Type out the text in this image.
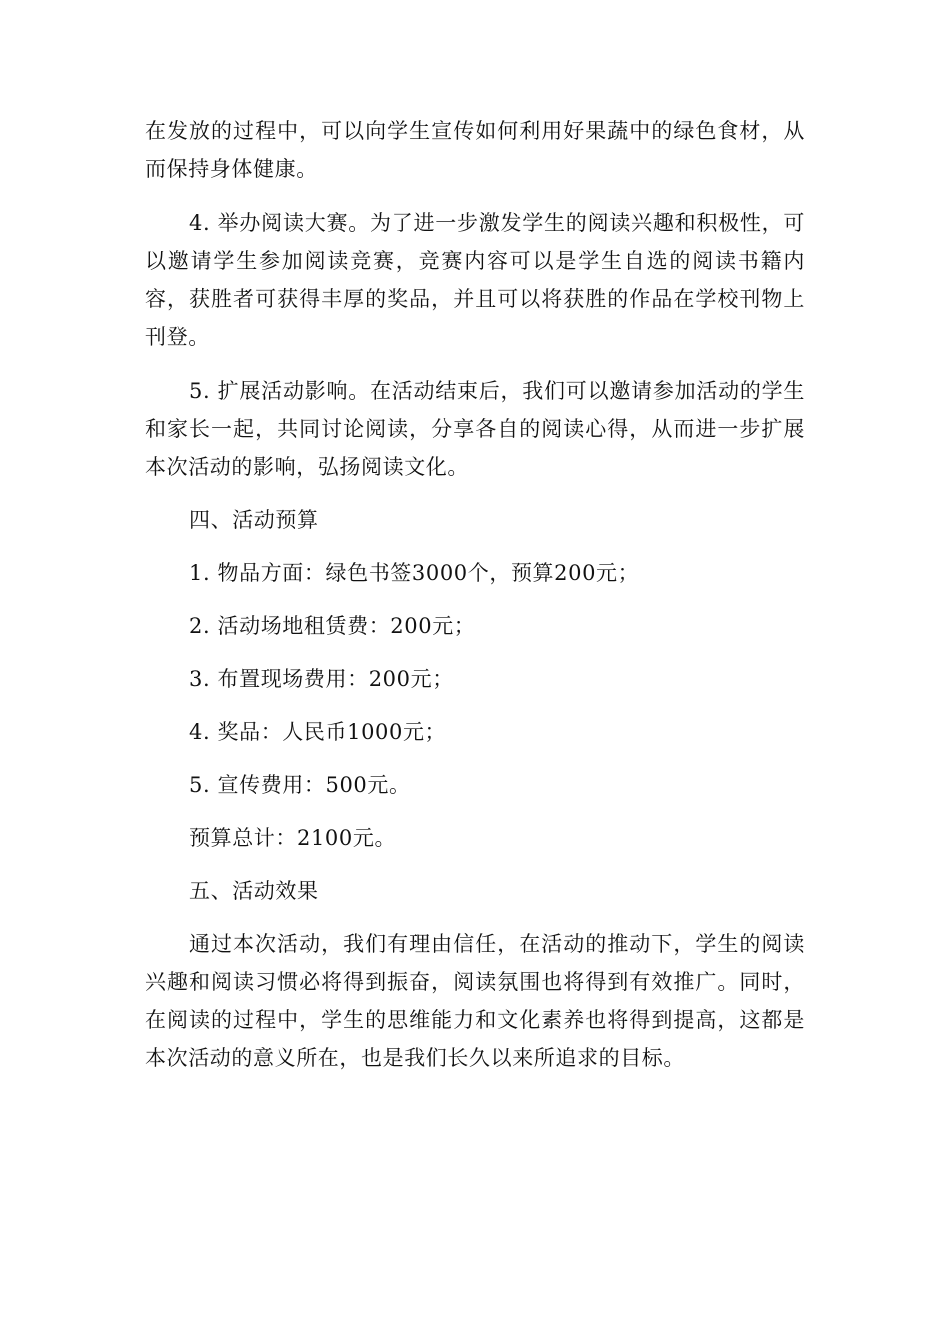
在发放的过程中，可以向学生宣传如何利用好果蔬中的绿色食材，从而保持身体健康。

4. 举办阅读大赛。为了进一步激发学生的阅读兴趣和积极性，可以邀请学生参加阅读竞赛，竞赛内容可以是学生自选的阅读书籍内容，获胜者可获得丰厚的奖品，并且可以将获胜的作品在学校刊物上刊登。

5. 扩展活动影响。在活动结束后，我们可以邀请参加活动的学生和家长一起，共同讨论阅读，分享各自的阅读心得，从而进一步扩展本次活动的影响，弘扬阅读文化。

四、活动预算

1. 物品方面：绿色书签3000个，预算200元；

2. 活动场地租赁费：200元；

3. 布置现场费用：200元；

4. 奖品：人民币1000元；

5. 宣传费用：500元。

预算总计：2100元。

五、活动效果

通过本次活动，我们有理由信任，在活动的推动下，学生的阅读兴趣和阅读习惯必将得到振奋，阅读氛围也将得到有效推广。同时，在阅读的过程中，学生的思维能力和文化素养也将得到提高，这都是本次活动的意义所在，也是我们长久以来所追求的目标。
